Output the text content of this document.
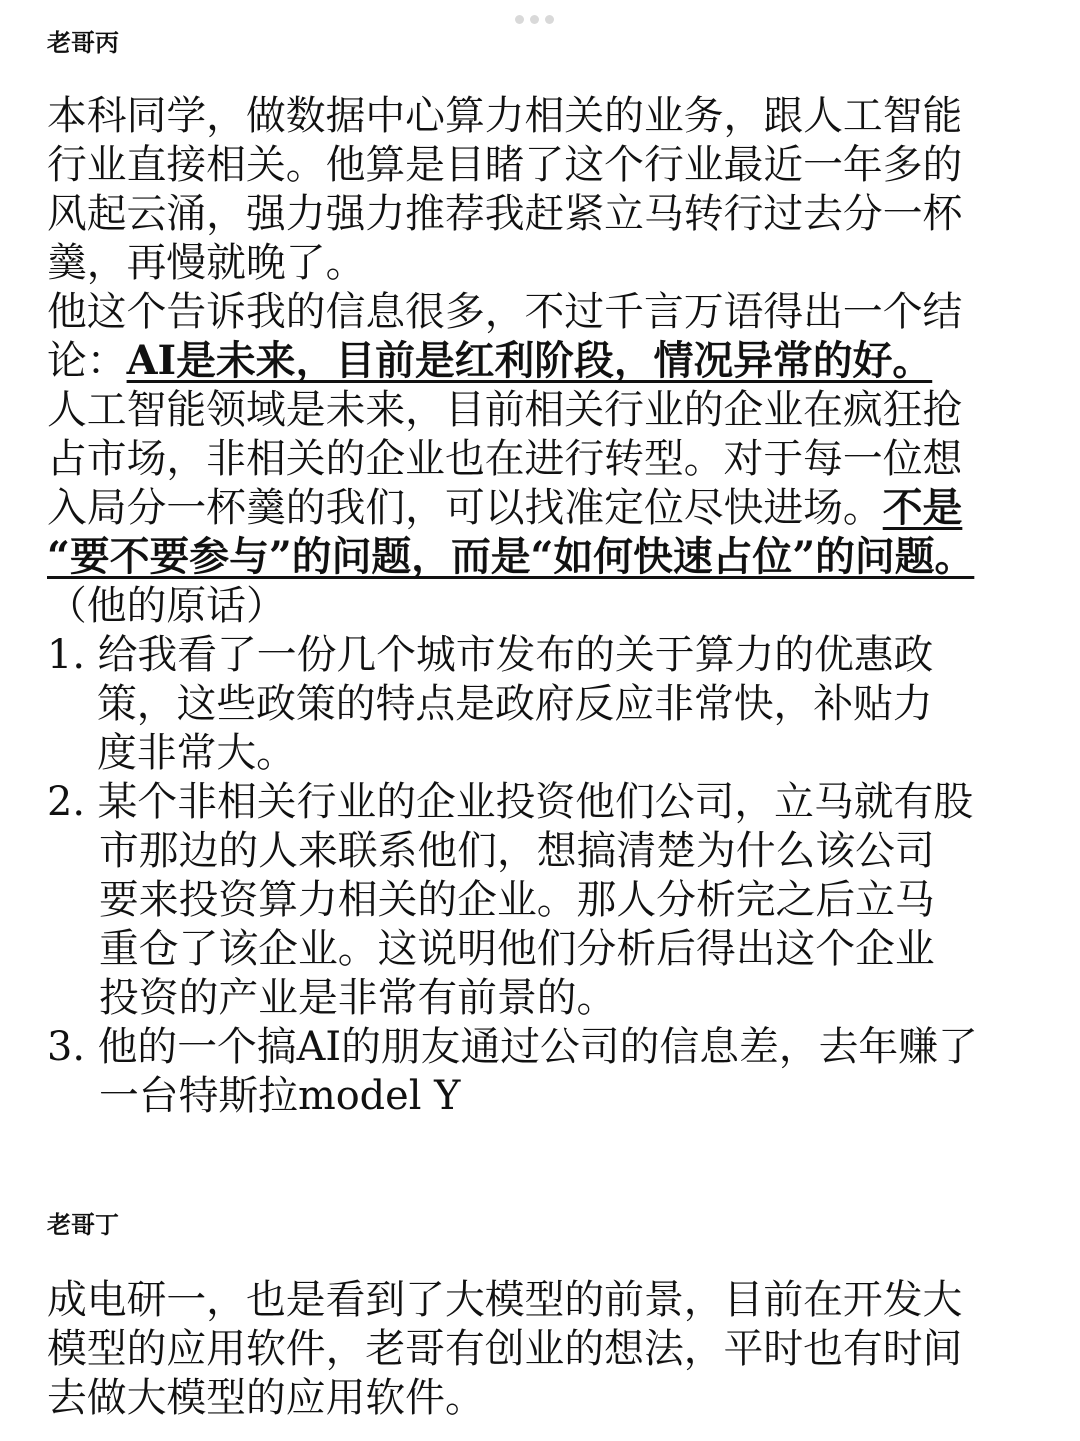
老哥丙
本科同学，做数据中心算力相关的业务，跟人工智能
行业直接相关。他算是目睹了这个行业最近一年多的
风起云涌，强力强力推荐我赶紧立马转行过去分一杯
羹，再慢就晚了。
他这个告诉我的信息很多，不过千言万语得出一个结
论：AI是未来，目前是红利阶段，情况异常的好。
人工智能领域是未来，目前相关行业的企业在疯狂抢
占市场，非相关的企业也在进行转型。对于每一位想
入局分一杯羹的我们，可以找准定位尽快进场。不是
“要不要参与”的问题，而是“如何快速占位”的问题。
（他的原话）
1. 给我看了一份几个城市发布的关于算力的优惠政
策，这些政策的特点是政府反应非常快，补贴力
度非常大。
2. 某个非相关行业的企业投资他们公司，立马就有股
市那边的人来联系他们，想搞清楚为什么该公司
要来投资算力相关的企业。那人分析完之后立马
重仓了该企业。这说明他们分析后得出这个企业
投资的产业是非常有前景的。
3. 他的一个搞AI的朋友通过公司的信息差，去年赚了
一台特斯拉model Y
老哥丁
成电研一，也是看到了大模型的前景，目前在开发大
模型的应用软件，老哥有创业的想法，平时也有时间
去做大模型的应用软件。
